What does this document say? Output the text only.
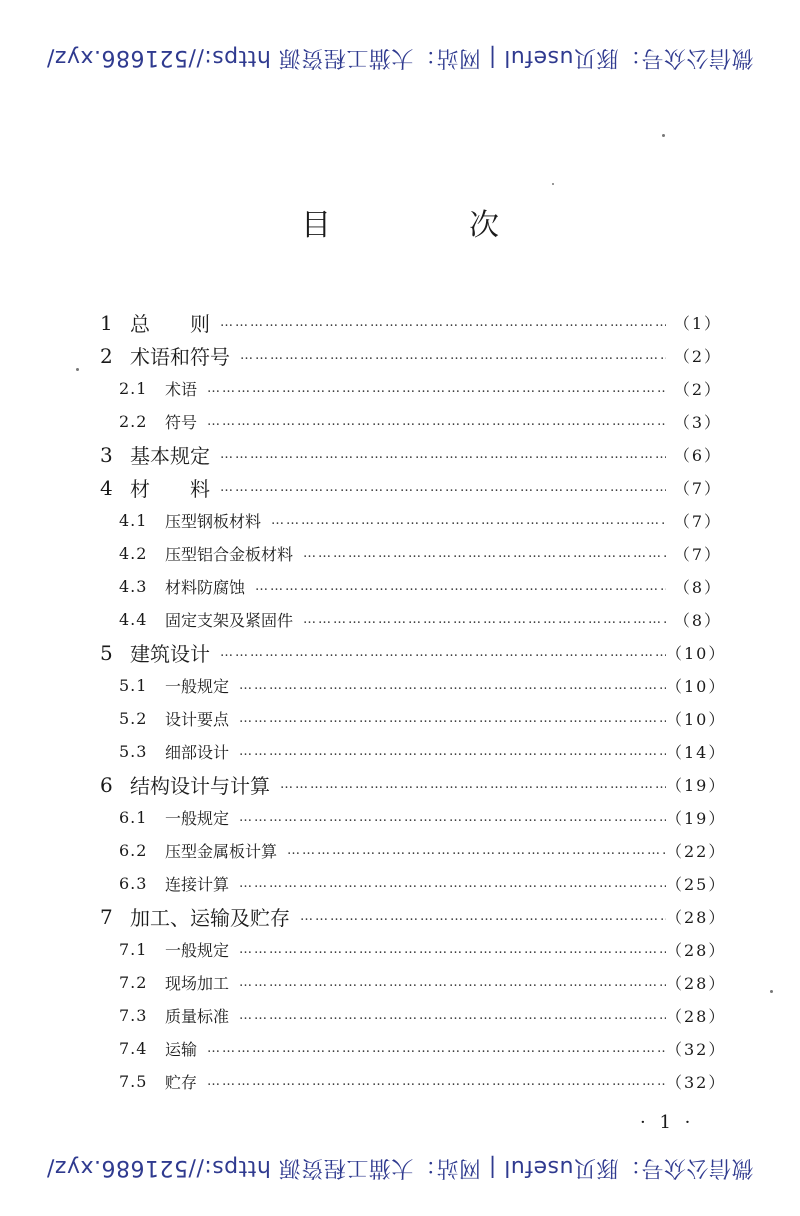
微信公众号：豚贝useful | 网站：大猫工程资源 https://521686.xyz/
目　次
1 总　　则 ……………………………………………………………………………………………………………………	（1）
2 术语和符号 ……………………………………………………………………………………………………………………	（2）
2.1	术语 ……………………………………………………………………………………………………………………	（2）
2.2	符号 ……………………………………………………………………………………………………………………	（3）
3 基本规定 ……………………………………………………………………………………………………………………	（6）
4 材　　料 ……………………………………………………………………………………………………………………	（7）
4.1	压型钢板材料 ……………………………………………………………………………………………………………………	（7）
4.2	压型铝合金板材料 ……………………………………………………………………………………………………………………	（7）
4.3	材料防腐蚀 ……………………………………………………………………………………………………………………	（8）
4.4	固定支架及紧固件 ……………………………………………………………………………………………………………………	（8）
5 建筑设计 ……………………………………………………………………………………………………………………	（10）
5.1	一般规定 ……………………………………………………………………………………………………………………	（10）
5.2	设计要点 ……………………………………………………………………………………………………………………	（10）
5.3	细部设计 ……………………………………………………………………………………………………………………	（14）
6 结构设计与计算 ……………………………………………………………………………………………………………………	（19）
6.1	一般规定 ……………………………………………………………………………………………………………………	（19）
6.2	压型金属板计算 ……………………………………………………………………………………………………………………	（22）
6.3	连接计算 ……………………………………………………………………………………………………………………	（25）
7 加工、运输及贮存 ……………………………………………………………………………………………………………………	（28）
7.1	一般规定 ……………………………………………………………………………………………………………………	（28）
7.2	现场加工 ……………………………………………………………………………………………………………………	（28）
7.3	质量标准 ……………………………………………………………………………………………………………………	（28）
7.4	运输 ……………………………………………………………………………………………………………………	（32）
7.5	贮存 ……………………………………………………………………………………………………………………	（32）
· 1 ·
微信公众号：豚贝useful | 网站：大猫工程资源 https://521686.xyz/
